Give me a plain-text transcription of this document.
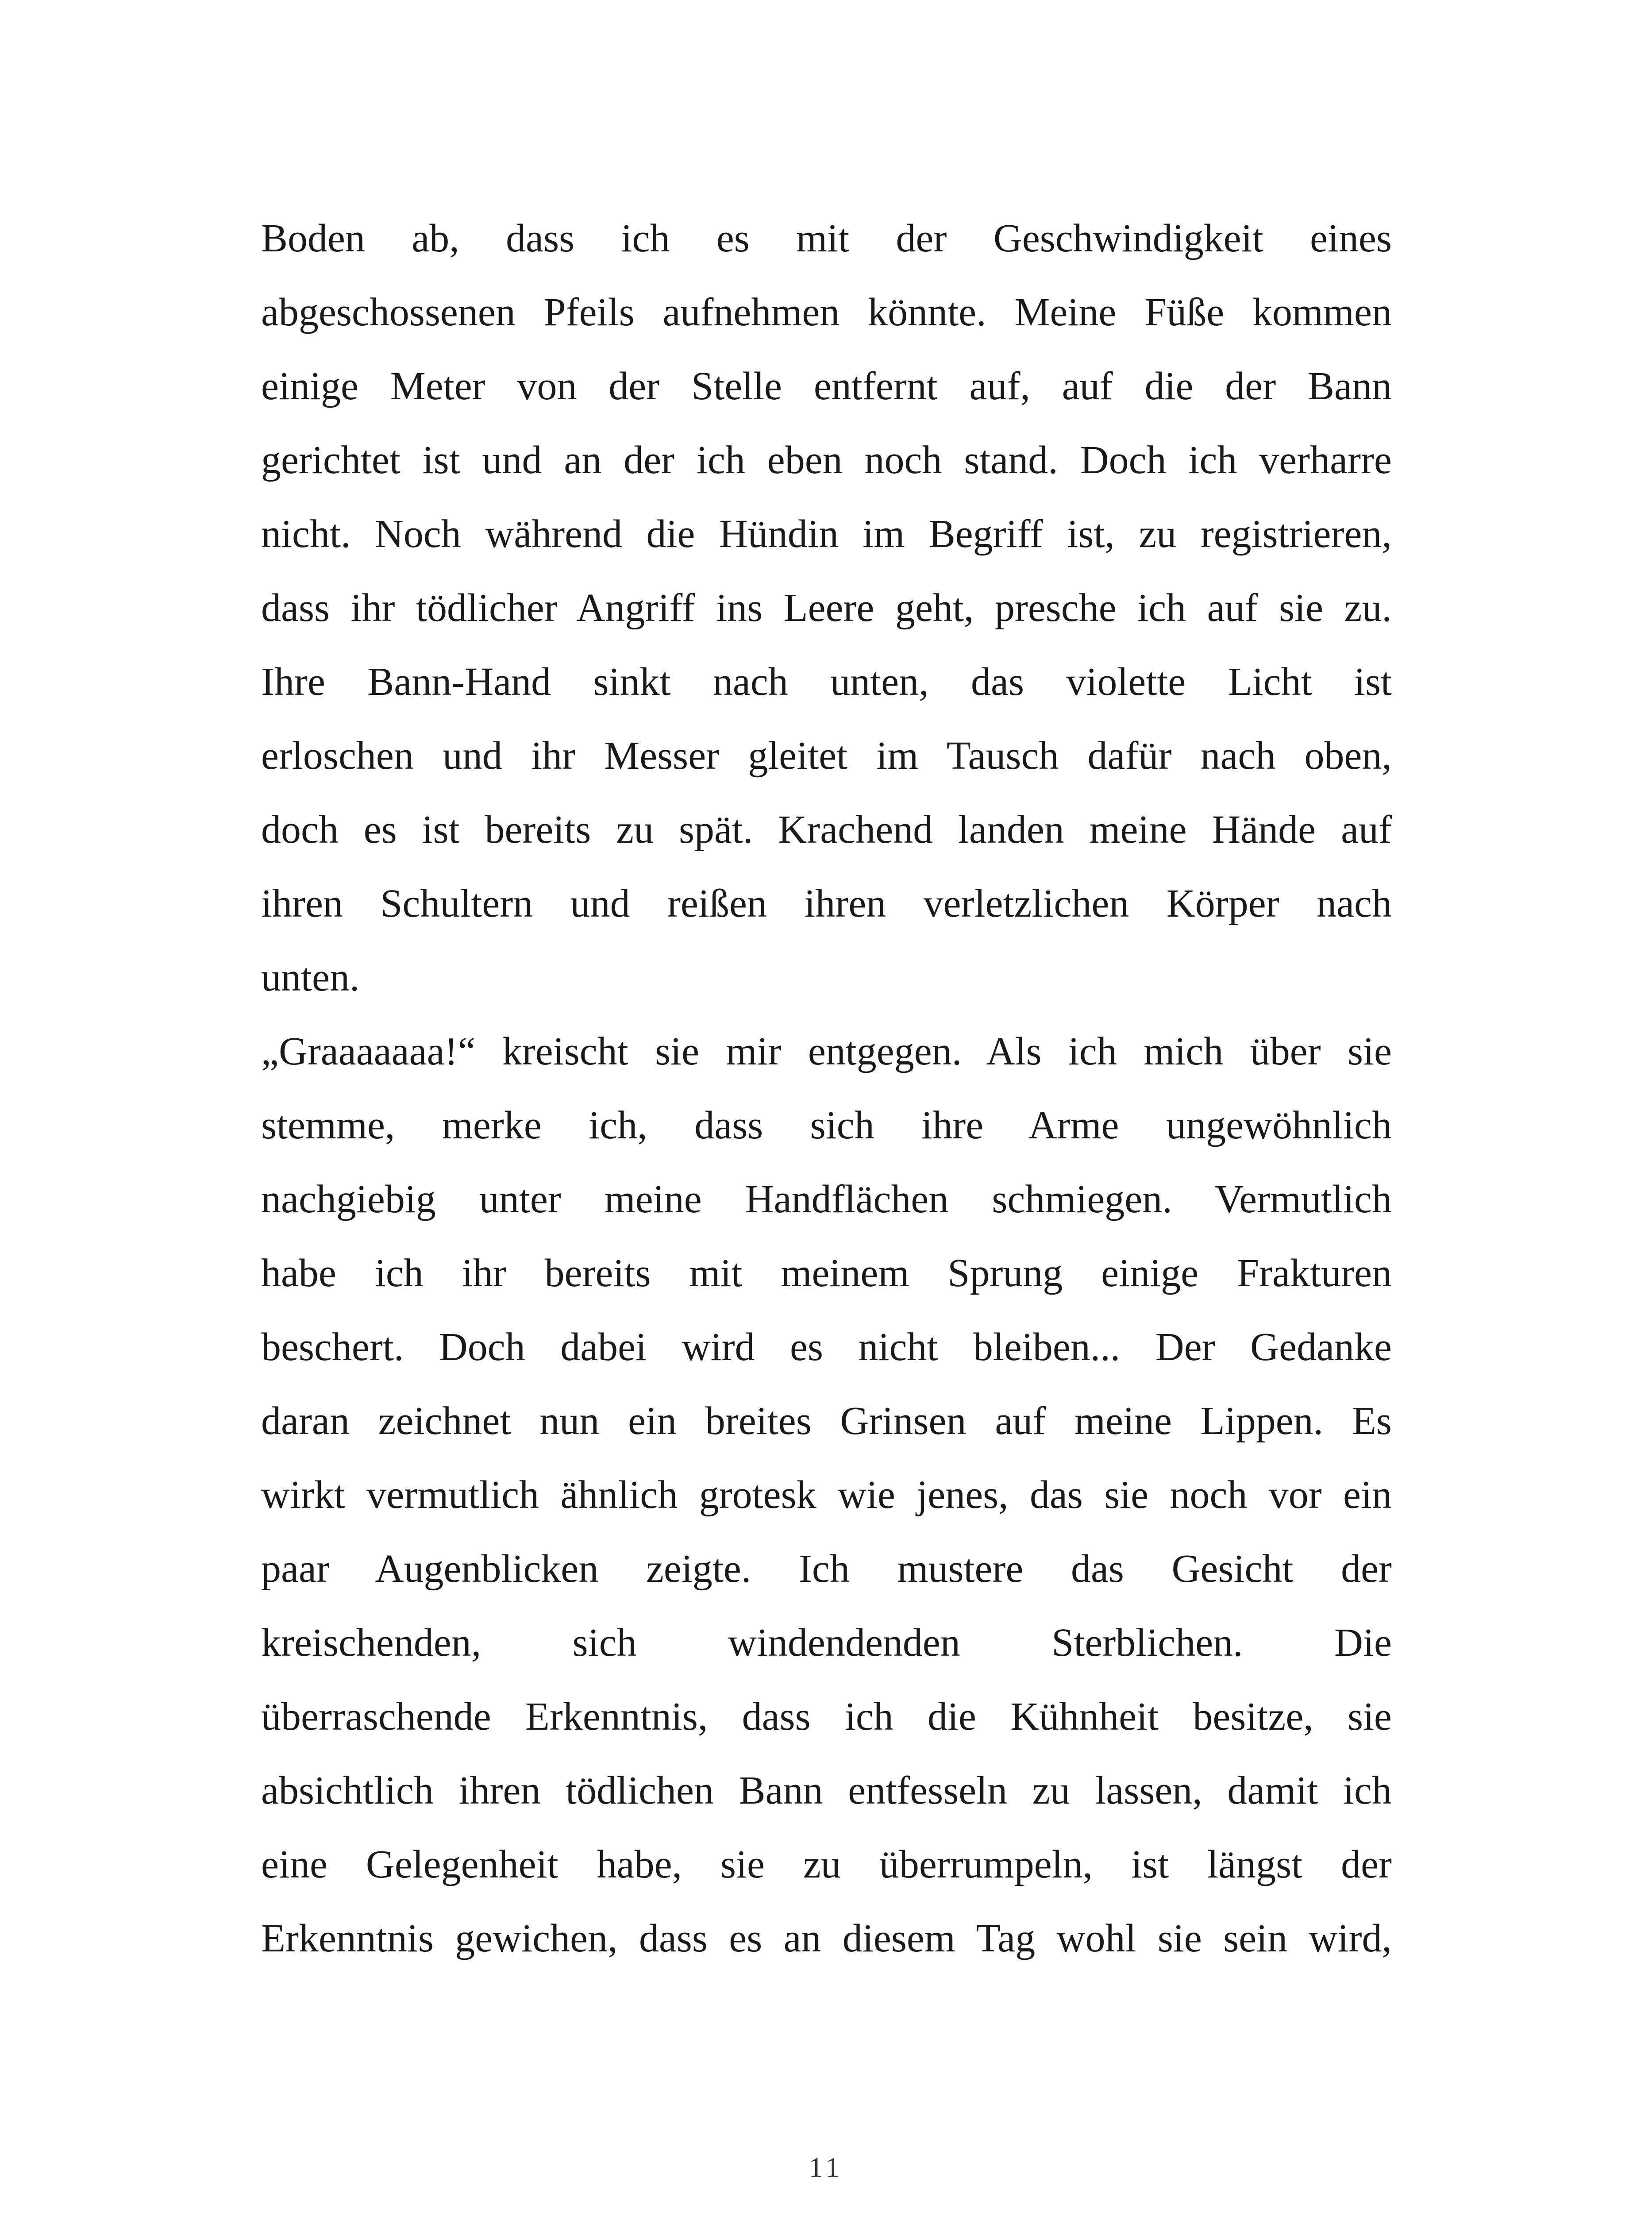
Boden ab, dass ich es mit der Geschwindigkeit eines
abgeschossenen Pfeils aufnehmen könnte. Meine Füße kommen
einige Meter von der Stelle entfernt auf, auf die der Bann
gerichtet ist und an der ich eben noch stand. Doch ich verharre
nicht. Noch während die Hündin im Begriff ist, zu registrieren,
dass ihr tödlicher Angriff ins Leere geht, presche ich auf sie zu.
Ihre Bann-Hand sinkt nach unten, das violette Licht ist
erloschen und ihr Messer gleitet im Tausch dafür nach oben,
doch es ist bereits zu spät. Krachend landen meine Hände auf
ihren Schultern und reißen ihren verletzlichen Körper nach
unten.
„Graaaaaaa!“ kreischt sie mir entgegen. Als ich mich über sie
stemme, merke ich, dass sich ihre Arme ungewöhnlich
nachgiebig unter meine Handflächen schmiegen. Vermutlich
habe ich ihr bereits mit meinem Sprung einige Frakturen
beschert. Doch dabei wird es nicht bleiben... Der Gedanke
daran zeichnet nun ein breites Grinsen auf meine Lippen. Es
wirkt vermutlich ähnlich grotesk wie jenes, das sie noch vor ein
paar Augenblicken zeigte. Ich mustere das Gesicht der
kreischenden, sich windendenden Sterblichen. Die
überraschende Erkenntnis, dass ich die Kühnheit besitze, sie
absichtlich ihren tödlichen Bann entfesseln zu lassen, damit ich
eine Gelegenheit habe, sie zu überrumpeln, ist längst der
Erkenntnis gewichen, dass es an diesem Tag wohl sie sein wird,
11
